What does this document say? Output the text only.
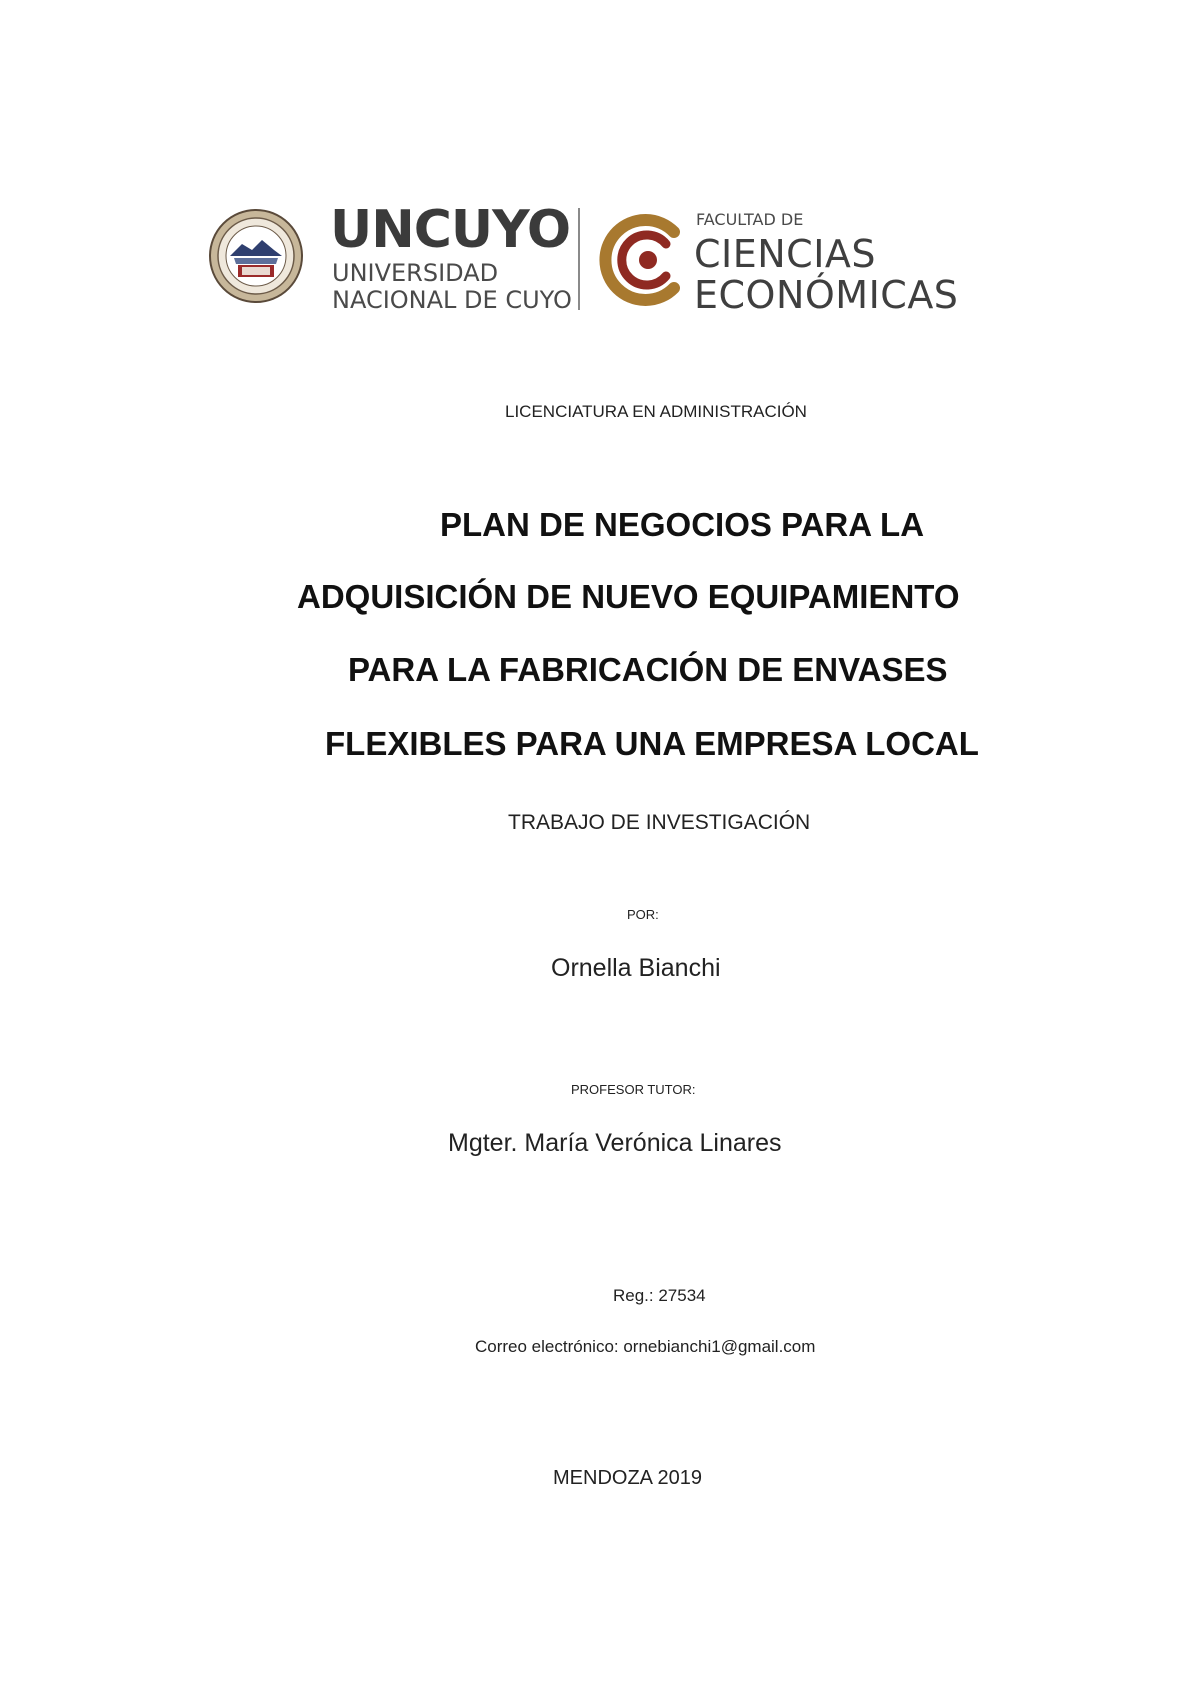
UNCUYO
UNIVERSIDAD
NACIONAL DE CUYO
FACULTAD DE
CIENCIAS
ECONÓMICAS
LICENCIATURA EN ADMINISTRACIÓN
PLAN DE NEGOCIOS PARA LA
ADQUISICIÓN DE NUEVO EQUIPAMIENTO
PARA LA FABRICACIÓN DE ENVASES
FLEXIBLES PARA UNA EMPRESA LOCAL
TRABAJO DE INVESTIGACIÓN
POR:
Ornella Bianchi
PROFESOR TUTOR:
Mgter. María Verónica Linares
Reg.: 27534
Correo electrónico: ornebianchi1@gmail.com
MENDOZA 2019
